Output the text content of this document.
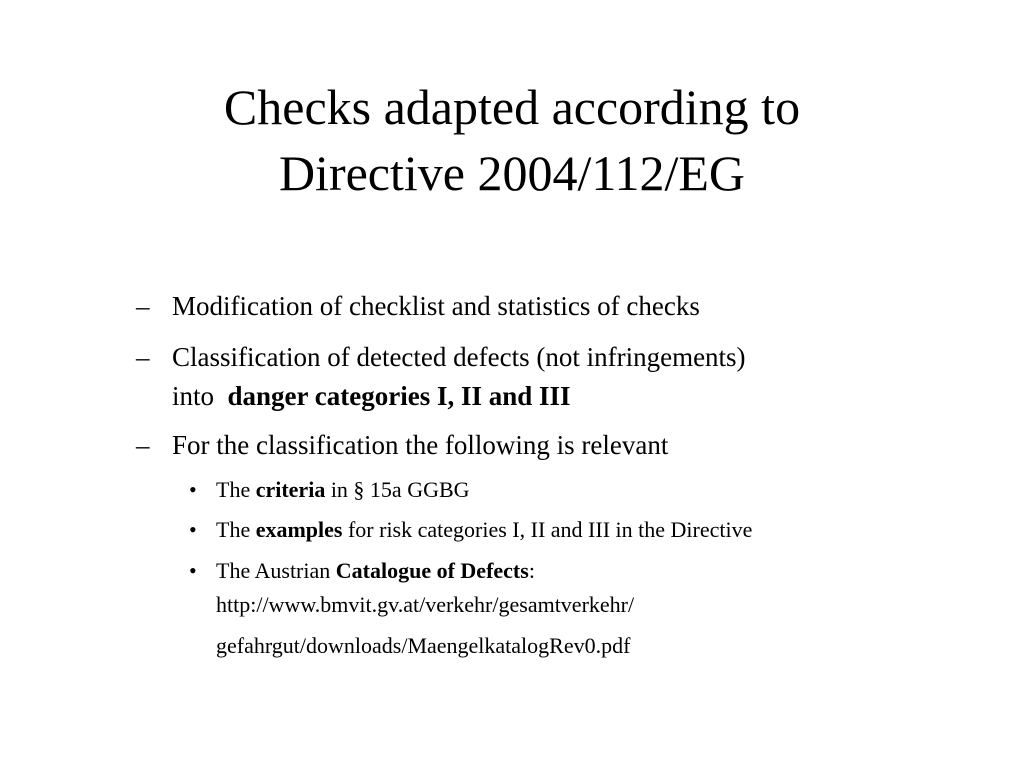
Checks adapted according to
Directive 2004/112/EG
– Modification of checklist and statistics of checks
– Classification of detected defects (not infringements)
into  danger categories I, II and III
– For the classification the following is relevant
• The criteria in § 15a GGBG
• The examples for risk categories I, II and III in the Directive
• The Austrian Catalogue of Defects:
http://www.bmvit.gv.at/verkehr/gesamtverkehr/
gefahrgut/downloads/MaengelkatalogRev0.pdf
